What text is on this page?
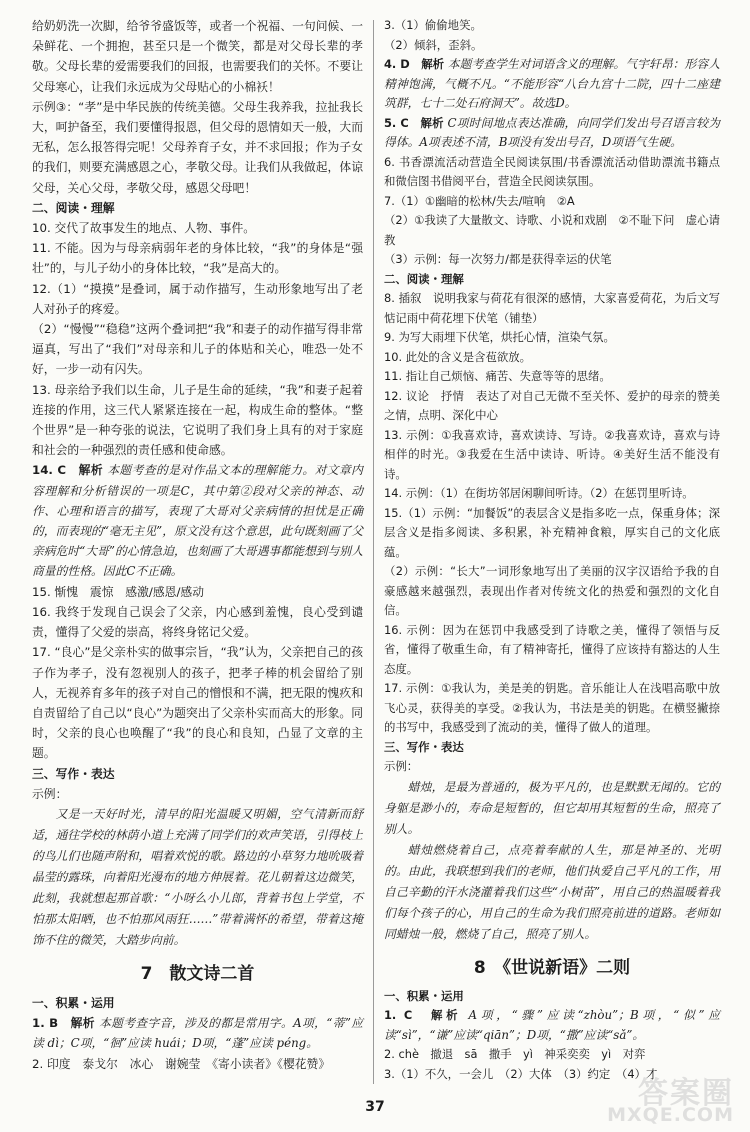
给奶奶洗一次脚，给爷爷盛饭等，或者一个祝福、一句问候、一朵鲜花、一个拥抱，甚至只是一个微笑，都是对父母长辈的孝敬。父母长辈的爱需要我们的回报，也需要我们的关怀。不要让父母寒心，让我们永远成为父母贴心的小棉袄！
示例③：“孝”是中华民族的传统美德。父母生我养我，拉扯我长大，呵护备至，我们要懂得报恩，但父母的恩情如天一般，大而无私，怎么报答得完呢！父母养育子女，并不求回报；作为子女的我们，则要充满感恩之心，孝敬父母。让我们从我做起，体谅父母，关心父母，孝敬父母，感恩父母吧！
二、阅读・理解
10. 交代了故事发生的地点、人物、事件。
11. 不能。因为与母亲病弱年老的身体比较，“我”的身体是“强壮”的，与儿子幼小的身体比较，“我”是高大的。
12.（1）“摸摸”是叠词，属于动作描写，生动形象地写出了老人对孙子的疼爱。
（2）“慢慢”“稳稳”这两个叠词把“我”和妻子的动作描写得非常逼真，写出了“我们”对母亲和儿子的体贴和关心，唯恐一处不好，一步一动有闪失。
13. 母亲给予我们以生命，儿子是生命的延续，“我”和妻子起着连接的作用，这三代人紧紧连接在一起，构成生命的整体。“整个世界”是一种夸张的说法，它说明了我们身上具有的对于家庭和社会的一种强烈的责任感和使命感。
14. C　解析 本题考查的是对作品文本的理解能力。对文章内容理解和分析错误的一项是C，其中第②段对父亲的神态、动作、心理和语言的描写，表现了大哥对父亲病情的担忧是正确的，而表现的“毫无主见”，原文没有这个意思，此句既刻画了父亲病危时“大哥”的心情急迫，也刻画了大哥遇事都能想到与别人商量的性格。因此C不正确。
15. 惭愧　震惊　感激/感恩/感动
16. 我终于发现自己误会了父亲，内心感到羞愧，良心受到谴责，懂得了父爱的崇高，将终身铭记父爱。
17. “良心”是父亲朴实的做事宗旨，“我”认为，父亲把自己的孩子作为孝子，没有忽视别人的孩子，把孝子棒的机会留给了别人，无视养育多年的孩子对自己的憎恨和不满，把无限的愧疚和自责留给了自己以“良心”为题突出了父亲朴实而高大的形象。同时，父亲的良心也唤醒了“我”的良心和良知，凸显了文章的主题。
三、写作・表达
示例：
又是一天好时光，清早的阳光温暖又明媚，空气清新而舒适，通往学校的林荫小道上充满了同学们的欢声笑语，引得枝上的鸟儿们也随声附和，唱着欢悦的歌。路边的小草努力地吮吸着晶莹的露珠，向着阳光漫布的地方伸展着。花儿朝着这边微笑，此刻，我就想起那首歌：“小呀么小儿郎，背着书包上学堂，不怕那太阳晒，也不怕那风雨狂……”带着满怀的希望，带着这掩饰不住的微笑，大踏步向前。
7　散文诗二首
一、积累・运用
1. B　解析 本题考查字音，涉及的都是常用字。A项，“蒂”应读 dì；C项，“徊”应读 huái；D项，“蓬”应读 péng。
2. 印度　泰戈尔　冰心　谢婉莹　《寄小读者》《樱花赞》
3.（1）偷偷地笑。
（2）倾斜，歪斜。
4. D　解析 本题考查学生对词语含义的理解。气宇轩昂：形容人精神饱满，气概不凡。“不能形容“八台九宫十二院，四十二座建筑群，七十二处石府洞天”。故选D。
5. C　解析 C项时间地点表达准确，向同学们发出号召语言较为得体。A项表述不清，B项没有发出号召，D项语气生硬。
6. 书香漂流活动营造全民阅读氛围/书香漂流活动借助漂流书籍点和微信图书借阅平台，营造全民阅读氛围。
7.（1）①幽暗的松林/失去/喧响　②A
（2）①我读了大量散文、诗歌、小说和戏剧　②不耻下问　虚心请教
（3）示例：每一次努力/都是获得幸运的伏笔
二、阅读・理解
8. 插叙　说明我家与荷花有很深的感情，大家喜爱荷花，为后文写惦记雨中荷花埋下伏笔（铺垫）
9. 为写大雨埋下伏笔，烘托心情，渲染气氛。
10. 此处的含义是含苞欲放。
11. 指让自己烦恼、痛苦、失意等等的思绪。
12. 议论　抒情　表达了对自己无微不至关怀、爱护的母亲的赞美之情，点明、深化中心
13. 示例：①我喜欢诗，喜欢读诗、写诗。②我喜欢诗，喜欢与诗相伴的时光。③我爱在生活中读诗、听诗。④美好生活不能没有诗。
14. 示例：（1）在街坊邻居闲聊间听诗。（2）在惩罚里听诗。
15.（1）示例：“加餐饭”的表层含义是指多吃一点，保重身体；深层含义是指多阅读、多积累，补充精神食粮，厚实自己的文化底蕴。
（2）示例：“长大”一词形象地写出了美丽的汉字汉语给予我的自豪感越来越强烈，表现出作者对传统文化的热爱和强烈的文化自信。
16. 示例：因为在惩罚中我感受到了诗歌之美，懂得了领悟与反省，懂得了敬重生命，有了精神寄托，懂得了应该持有豁达的人生态度。
17. 示例：①我认为，美是美的钥匙。音乐能让人在浅唱高歌中放飞心灵，获得美的享受。②我认为，书法是美的钥匙。在横竖撇捺的书写中，我感受到了流动的美，懂得了做人的道理。
三、写作・表达
示例：
蜡烛，是最为普通的，极为平凡的，也是默默无闻的。它的身躯是渺小的，寿命是短暂的，但它却用其短暂的生命，照亮了别人。
蜡烛燃烧着自己，点亮着奉献的人生，那是神圣的、光明的。由此，我联想到我们的老师，他们执爱自己平凡的工作，用自己辛勤的汗水浇灌着我们这些“小树苗”，用自己的热温暖着我们每个孩子的心，用自己的生命为我们照亮前进的道路。老师如同蜡烛一般，燃烧了自己，照亮了别人。
8　《世说新语》二则
一、积累・运用
1. C　解析 A项，“骤”应读“zhòu”；B项，“似”应读“sì”，“谦”应读“qiān”；D项，“撒”应读“sǎ”。
2. chè　撤退　sā　撒手　yì　神采奕奕　yì　对弈
3.（1）不久，一会儿　（2）大体　（3）约定　（4）才
37	答案圈
MXQE.COM
